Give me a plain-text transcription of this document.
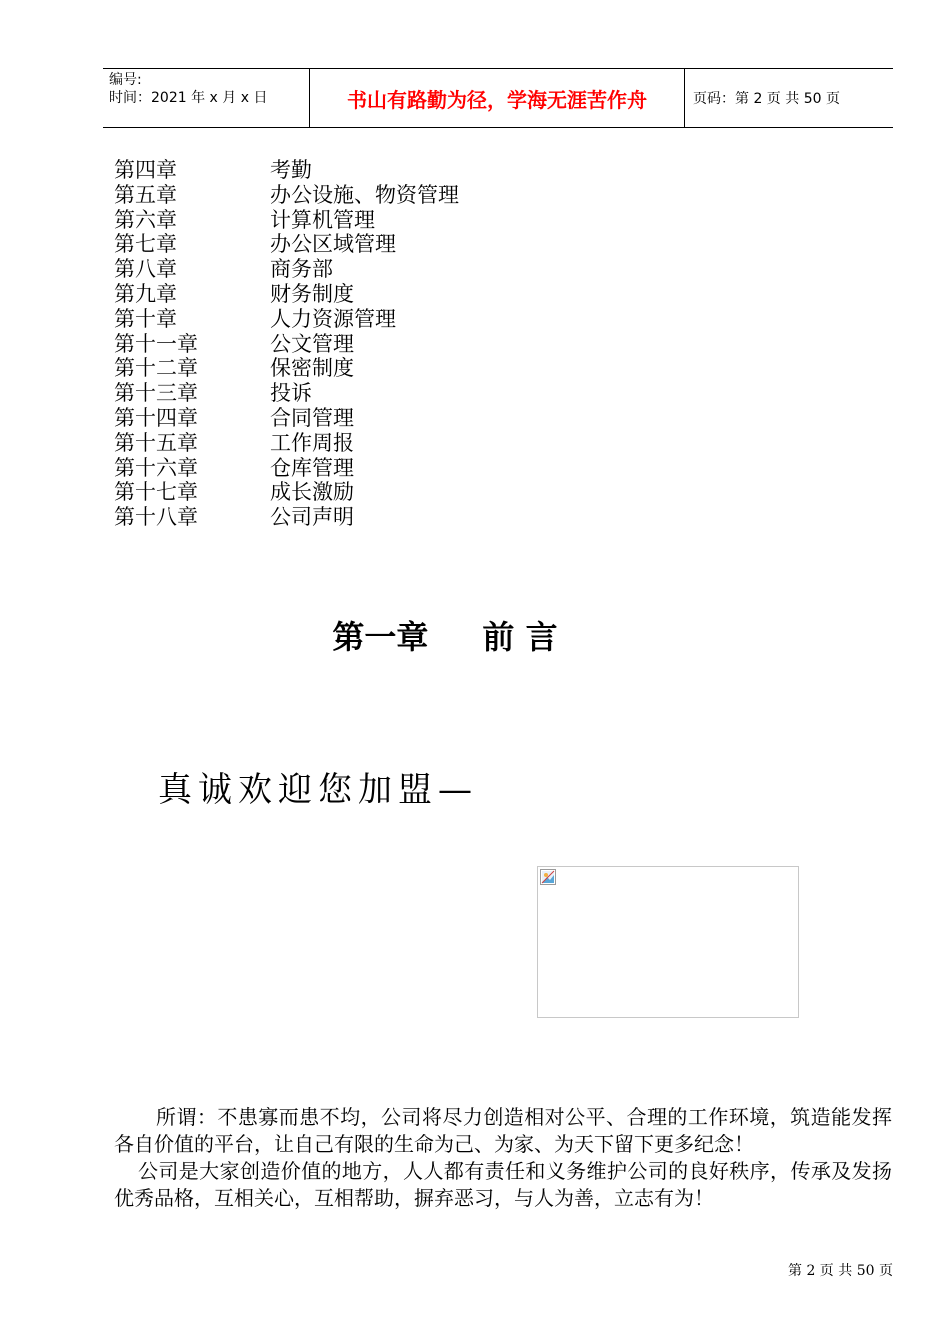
编号:
时间：2021 年 x 月 x 日	书山有路勤为径，学海无涯苦作舟	页码：第 2 页 共 50 页
第四章	考勤
第五章	办公设施、物资管理
第六章	计算机管理
第七章	办公区域管理
第八章	商务部
第九章	财务制度
第十章	人力资源管理
第十一章	公文管理
第十二章	保密制度
第十三章	投诉
第十四章	合同管理
第十五章	工作周报
第十六章	仓库管理
第十七章	成长激励
第十八章	公司声明
第一章 前 言
真诚欢迎您加盟—

所谓：不患寡而患不均，公司将尽力创造相对公平、合理的工作环境，筑造能发挥各自价值的平台，让自己有限的生命为己、为家、为天下留下更多纪念！

公司是大家创造价值的地方，人人都有责任和义务维护公司的良好秩序，传承及发扬优秀品格，互相关心，互相帮助，摒弃恶习，与人为善，立志有为！

第 2 页 共 50 页
